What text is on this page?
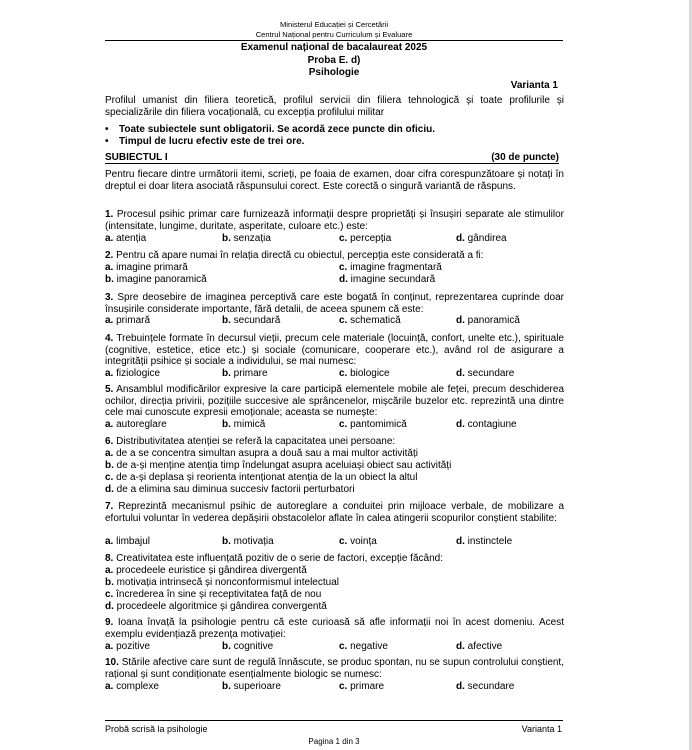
Ministerul Educației și Cercetării
Centrul Național pentru Curriculum și Evaluare
Examenul național de bacalaureat 2025
Proba E. d)
Psihologie
Varianta 1
Profilul umanist din filiera teoretică, profilul servicii din filiera tehnologică și toate profilurile și specializările din filiera vocațională, cu excepția profilului militar
• Toate subiectele sunt obligatorii. Se acordă zece puncte din oficiu.
• Timpul de lucru efectiv este de trei ore.
SUBIECTUL I	(30 de puncte)
Pentru fiecare dintre următorii itemi, scrieți, pe foaia de examen, doar cifra corespunzătoare și notați în dreptul ei doar litera asociată răspunsului corect. Este corectă o singură variantă de răspuns.
1. Procesul psihic primar care furnizează informații despre proprietăți și însușiri separate ale stimulilor (intensitate, lungime, duritate, asperitate, culoare etc.) este:
a. atenția	b. senzația	c. percepția	d. gândirea
2. Pentru că apare numai în relația directă cu obiectul, percepția este considerată a fi:
a. imagine primară	c. imagine fragmentară
b. imagine panoramică	d. imagine secundară
3. Spre deosebire de imaginea perceptivă care este bogată în conținut, reprezentarea cuprinde doar însușirile considerate importante, fără detalii, de aceea spunem că este:
a. primară	b. secundară	c. schematică	d. panoramică
4. Trebuințele formate în decursul vieții, precum cele materiale (locuință, confort, unelte etc.), spirituale (cognitive, estetice, etice etc.) și sociale (comunicare, cooperare etc.), având rol de asigurare a integrității psihice și sociale a individului, se mai numesc:
a. fiziologice	b. primare	c. biologice	d. secundare
5. Ansamblul modificărilor expresive la care participă elementele mobile ale feței, precum deschiderea ochilor, direcția privirii, pozițiile succesive ale sprâncenelor, mișcările buzelor etc. reprezintă una dintre cele mai cunoscute expresii emoționale; aceasta se numește:
a. autoreglare	b. mimică	c. pantomimică	d. contagiune
6. Distributivitatea atenției se referă la capacitatea unei persoane:
a. de a se concentra simultan asupra a două sau a mai multor activități
b. de a-și menține atenția timp îndelungat asupra aceluiași obiect sau activități
c. de a-și deplasa și reorienta intenționat atenția de la un obiect la altul
d. de a elimina sau diminua succesiv factorii perturbatori
7. Reprezintă mecanismul psihic de autoreglare a conduitei prin mijloace verbale, de mobilizare a efortului voluntar în vederea depășirii obstacolelor aflate în calea atingerii scopurilor conștient stabilite:
a. limbajul	b. motivația	c. voința	d. instinctele
8. Creativitatea este influențată pozitiv de o serie de factori, excepție făcând:
a. procedeele euristice și gândirea divergentă
b. motivația intrinsecă și nonconformismul intelectual
c. încrederea în sine și receptivitatea față de nou
d. procedeele algoritmice și gândirea convergentă
9. Ioana învață la psihologie pentru că este curioasă să afle informații noi în acest domeniu. Acest exemplu evidențiază prezența motivației:
a. pozitive	b. cognitive	c. negative	d. afective
10. Stările afective care sunt de regulă înnăscute, se produc spontan, nu se supun controlului conștient, rațional și sunt condiționate esențialmente biologic se numesc:
a. complexe	b. superioare	c. primare	d. secundare
Probă scrisă la psihologie	Varianta 1
Pagina 1 din 3
